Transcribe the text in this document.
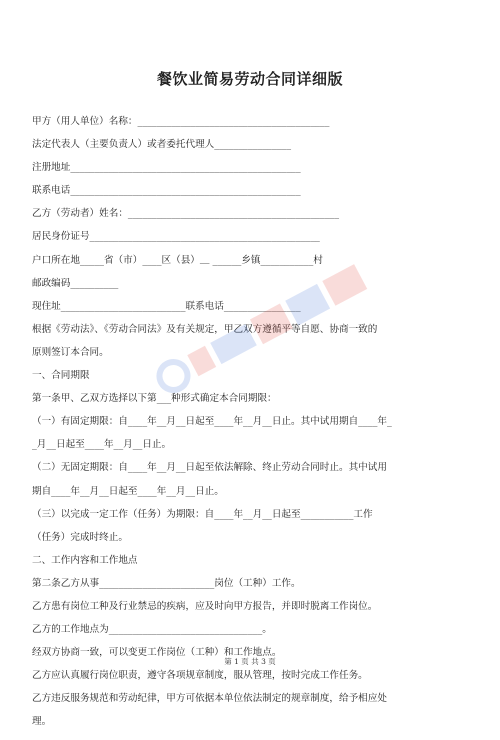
餐饮业简易劳动合同详细版
甲方（用人单位）名称：________________________________________
法定代表人（主要负责人）或者委托代理人________________
注册地址________________________________________________
联系电话________________________________________________
乙方（劳动者）姓名：____________________________________________
居民身份证号________________________________________________
户口所在地_____省（市）____区（县）＿ ______乡镇___________村
邮政编码__________
现住址__________________________联系电话________________
根据《劳动法》、《劳动合同法》及有关规定，甲乙双方遵循平等自愿、协商一致的
原则签订本合同。
一、合同期限
第一条甲、乙双方选择以下第___种形式确定本合同期限：
（一）有固定期限：自____年__月__日起至____年__月__日止。其中试用期自____年_
_月__日起至____年__月__日止。
（二）无固定期限：自____年__月__日起至依法解除、终止劳动合同时止。其中试用
期自____年__月__日起至____年__月__日止。
（三）以完成一定工作（任务）为期限：自____年__月__日起至___________工作
（任务）完成时终止。
二、工作内容和工作地点
第二条乙方从事________________________岗位（工种）工作。
乙方患有岗位工种及行业禁忌的疾病，应及时向甲方报告，并即时脱离工作岗位。
乙方的工作地点为________________________________。
经双方协商一致，可以变更工作岗位（工种）和工作地点。
乙方应认真履行岗位职责，遵守各项规章制度，服从管理，按时完成工作任务。
乙方违反服务规范和劳动纪律，甲方可依据本单位依法制定的规章制度，给予相应处
理。
第 1 页 共 3 页
